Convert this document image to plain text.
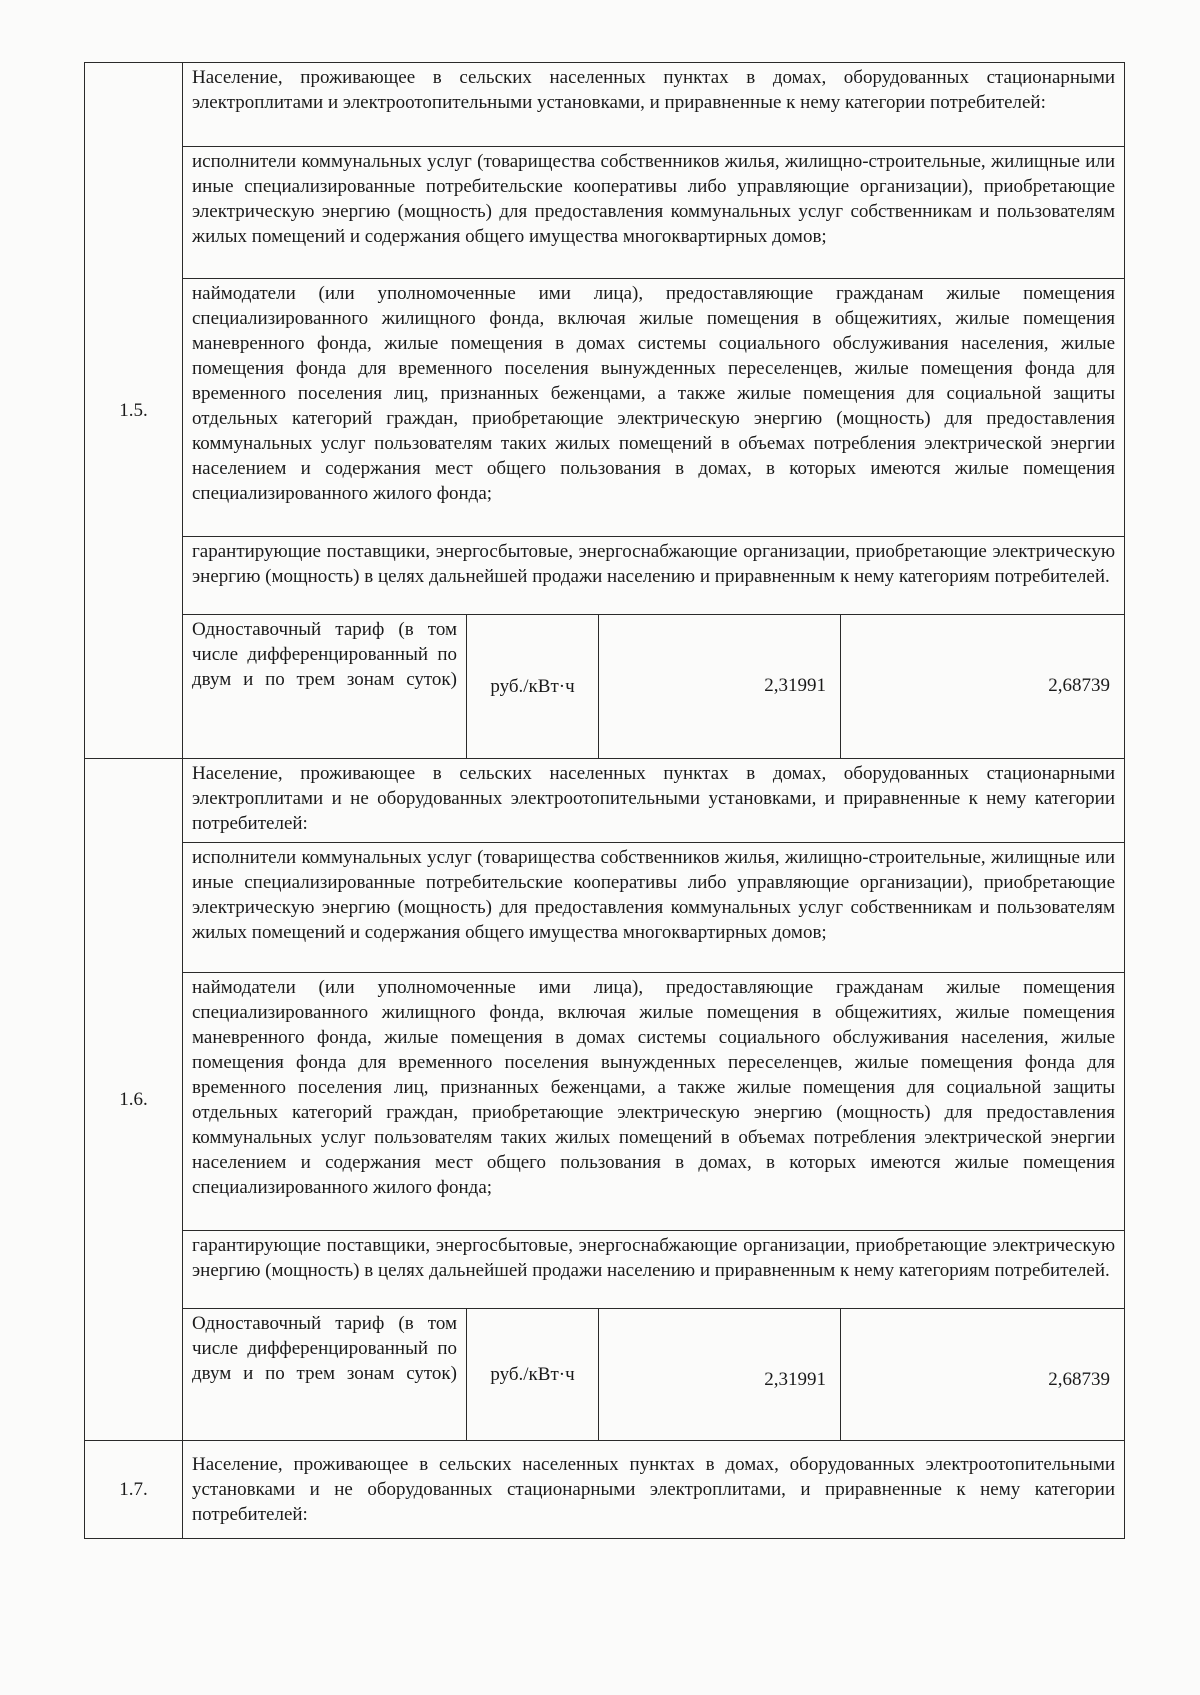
1.5.	Население, проживающее в сельских населенных пунктах в домах, оборудованных стационарными электроплитами и электроотопительными установками, и приравненные к нему категории потребителей:			
	исполнители коммунальных услуг (товарищества собственников жилья, жилищно-строительные, жилищные или иные специализированные потребительские кооперативы либо управляющие организации), приобретающие электрическую энергию (мощность) для предоставления коммунальных услуг собственникам и пользователям жилых помещений и содержания общего имущества многоквартирных домов;			
	наймодатели (или уполномоченные ими лица), предоставляющие гражданам жилые помещения специализированного жилищного фонда, включая жилые помещения в общежитиях, жилые помещения маневренного фонда, жилые помещения в домах системы социального обслуживания населения, жилые помещения фонда для временного поселения вынужденных переселенцев, жилые помещения фонда для временного поселения лиц, признанных беженцами, а также жилые помещения для социальной защиты отдельных категорий граждан, приобретающие электрическую энергию (мощность) для предоставления коммунальных услуг пользователям таких жилых помещений в объемах потребления электрической энергии населением и содержания мест общего пользования в домах, в которых имеются жилые помещения специализированного жилого фонда;			
	гарантирующие поставщики, энергосбытовые, энергоснабжающие организации, приобретающие электрическую энергию (мощность) в целях дальнейшей продажи населению и приравненным к нему категориям потребителей.			
	Одноставочный тариф (в том числе дифференцированный по двум и по трем зонам суток)	руб./кВт·ч	2,31991	2,68739
1.6.	Население, проживающее в сельских населенных пунктах в домах, оборудованных стационарными электроплитами и не оборудованных электроотопительными установками, и приравненные к нему категории потребителей:			
	исполнители коммунальных услуг (товарищества собственников жилья, жилищно-строительные, жилищные или иные специализированные потребительские кооперативы либо управляющие организации), приобретающие электрическую энергию (мощность) для предоставления коммунальных услуг собственникам и пользователям жилых помещений и содержания общего имущества многоквартирных домов;			
	наймодатели (или уполномоченные ими лица), предоставляющие гражданам жилые помещения специализированного жилищного фонда, включая жилые помещения в общежитиях, жилые помещения маневренного фонда, жилые помещения в домах системы социального обслуживания населения, жилые помещения фонда для временного поселения вынужденных переселенцев, жилые помещения фонда для временного поселения лиц, признанных беженцами, а также жилые помещения для социальной защиты отдельных категорий граждан, приобретающие электрическую энергию (мощность) для предоставления коммунальных услуг пользователям таких жилых помещений в объемах потребления электрической энергии населением и содержания мест общего пользования в домах, в которых имеются жилые помещения специализированного жилого фонда;			
	гарантирующие поставщики, энергосбытовые, энергоснабжающие организации, приобретающие электрическую энергию (мощность) в целях дальнейшей продажи населению и приравненным к нему категориям потребителей.			
	Одноставочный тариф (в том числе дифференцированный по двум и по трем зонам суток)	руб./кВт·ч	2,31991	2,68739
1.7.	Население, проживающее в сельских населенных пунктах в домах, оборудованных электроотопительными установками и не оборудованных стационарными электроплитами, и приравненные к нему категории потребителей:			
